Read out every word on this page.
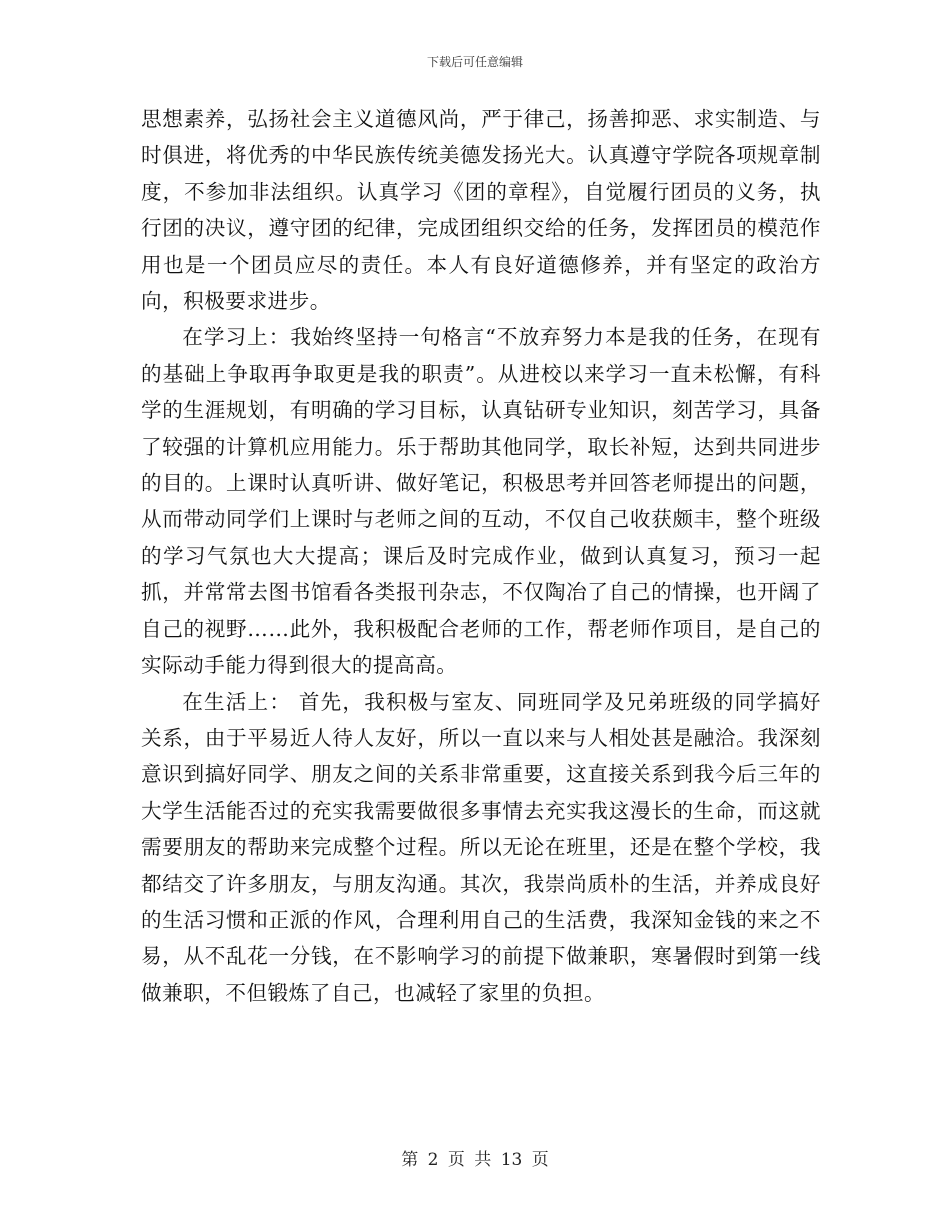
下载后可任意编辑

思想素养，弘扬社会主义道德风尚，严于律己，扬善抑恶、求实制造、与时俱进，将优秀的中华民族传统美德发扬光大。认真遵守学院各项规章制度，不参加非法组织。认真学习《团的章程》，自觉履行团员的义务，执行团的决议，遵守团的纪律，完成团组织交给的任务，发挥团员的模范作用也是一个团员应尽的责任。本人有良好道德修养，并有坚定的政治方向，积极要求进步。

在学习上：我始终坚持一句格言“不放弃努力本是我的任务，在现有的基础上争取再争取更是我的职责”。从进校以来学习一直未松懈，有科学的生涯规划，有明确的学习目标，认真钻研专业知识，刻苦学习，具备了较强的计算机应用能力。乐于帮助其他同学，取长补短，达到共同进步的目的。上课时认真听讲、做好笔记，积极思考并回答老师提出的问题，从而带动同学们上课时与老师之间的互动，不仅自己收获颇丰，整个班级的学习气氛也大大提高；课后及时完成作业，做到认真复习，预习一起抓，并常常去图书馆看各类报刊杂志，不仅陶冶了自己的情操，也开阔了自己的视野……此外，我积极配合老师的工作，帮老师作项目，是自己的实际动手能力得到很大的提高高。

在生活上： 首先，我积极与室友、同班同学及兄弟班级的同学搞好关系，由于平易近人待人友好，所以一直以来与人相处甚是融洽。我深刻意识到搞好同学、朋友之间的关系非常重要，这直接关系到我今后三年的大学生活能否过的充实我需要做很多事情去充实我这漫长的生命，而这就需要朋友的帮助来完成整个过程。所以无论在班里，还是在整个学校，我都结交了许多朋友，与朋友沟通。其次，我崇尚质朴的生活，并养成良好的生活习惯和正派的作风，合理利用自己的生活费，我深知金钱的来之不易，从不乱花一分钱，在不影响学习的前提下做兼职，寒暑假时到第一线做兼职，不但锻炼了自己，也减轻了家里的负担。

第 2 页 共 13 页
